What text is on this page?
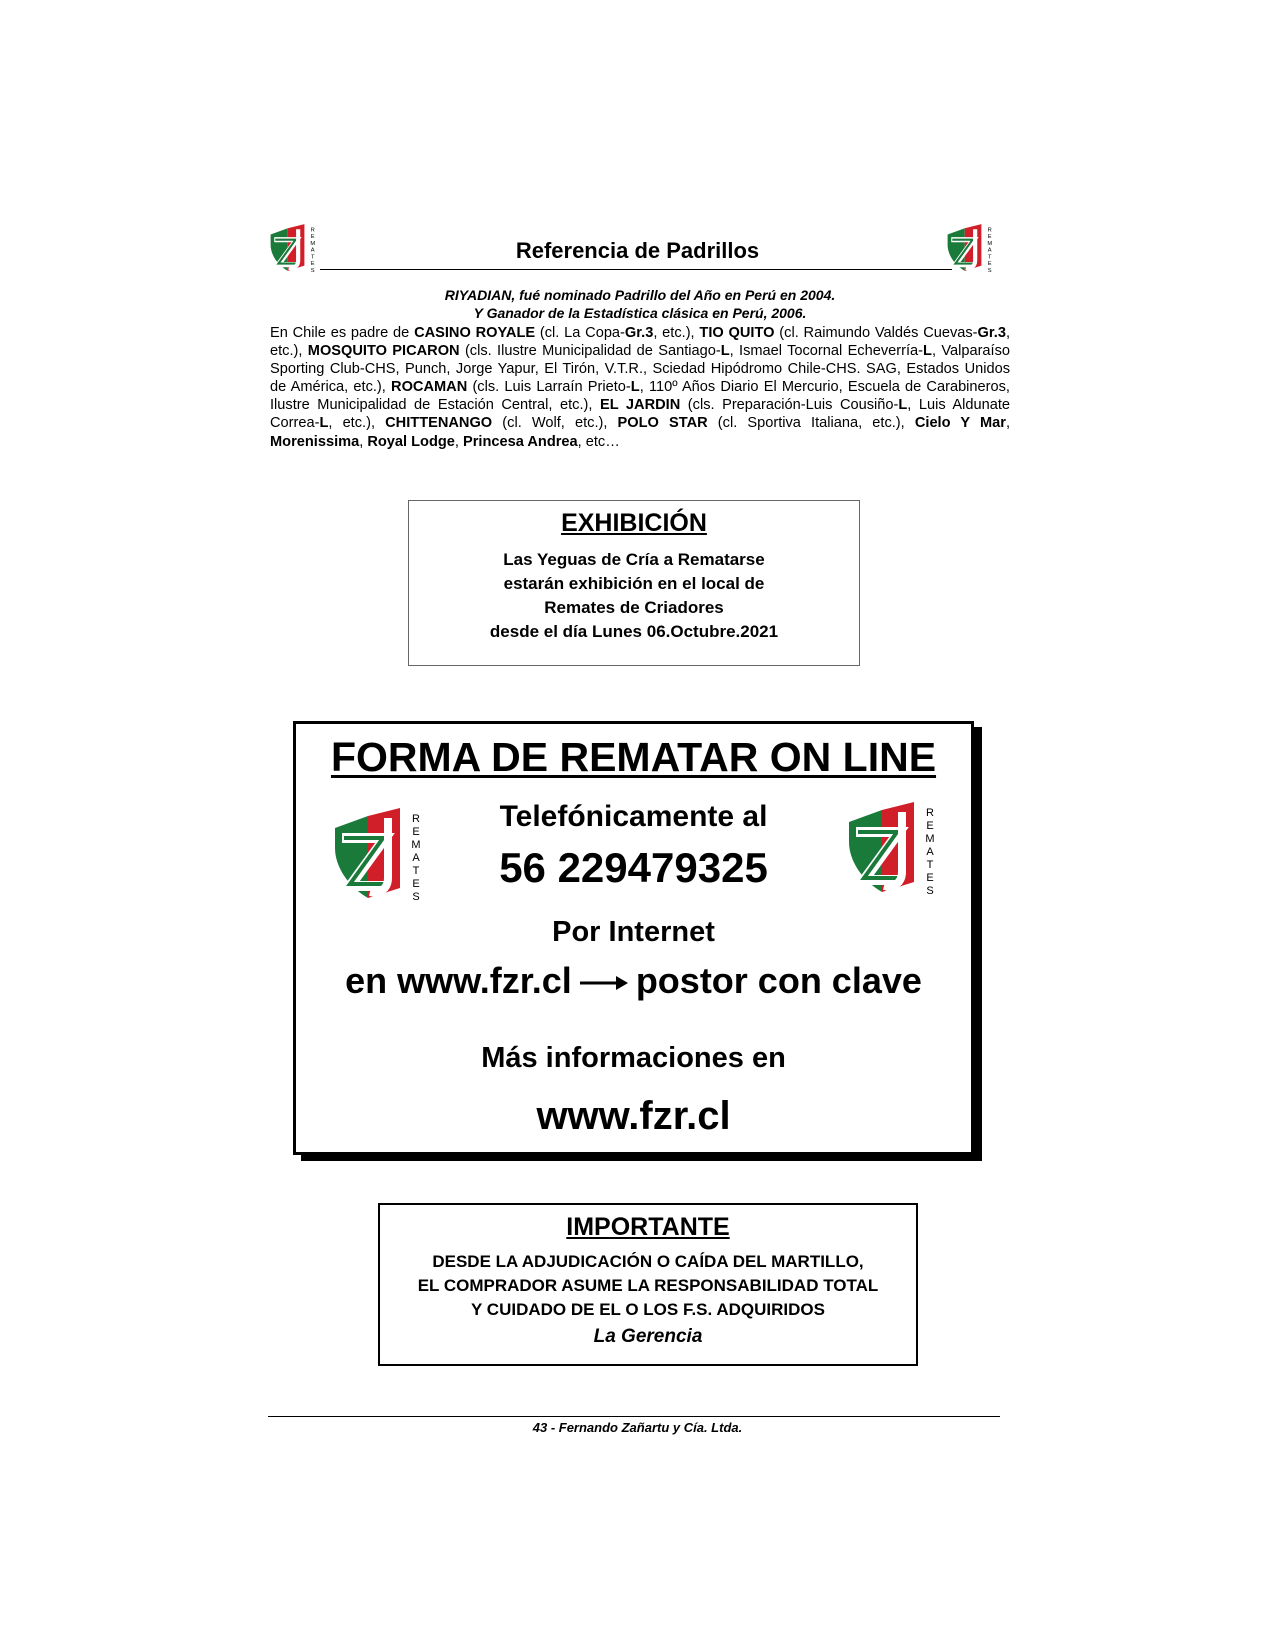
R
E
M
A
T
E
S
R
E
M
A
T
E
S
Referencia de Padrillos
RIYADIAN, fué nominado Padrillo del Año en Perú en 2004.
Y Ganador de la Estadística clásica en Perú, 2006.
En Chile es padre de CASINO ROYALE (cl. La Copa-Gr.3, etc.), TIO QUITO (cl. Raimundo Valdés Cuevas-Gr.3, etc.), MOSQUITO PICARON (cls. Ilustre Municipalidad de Santiago-L, Ismael Tocornal Echeverría-L, Valparaíso Sporting Club-CHS, Punch, Jorge Yapur, El Tirón, V.T.R., Sciedad Hipódromo Chile-CHS. SAG, Estados Unidos de América, etc.), ROCAMAN (cls. Luis Larraín Prieto-L, 110º Años Diario El Mercurio, Escuela de Carabineros, Ilustre Municipalidad de Estación Central, etc.), EL JARDIN (cls. Preparación-Luis Cousiño-L, Luis Aldunate Correa-L, etc.), CHITTENANGO (cl. Wolf, etc.), POLO STAR (cl. Sportiva Italiana, etc.), Cielo Y Mar, Morenissima, Royal Lodge, Princesa Andrea, etc…
EXHIBICIÓN
Las Yeguas de Cría a Rematarse
estarán exhibición en el local de
Remates de Criadores
desde el día Lunes 06.Octubre.2021
FORMA DE REMATAR ON LINE
R
E
M
A
T
E
S
R
E
M
A
T
E
S
Telefónicamente al
56 229479325
Por Internet
en www.fzr.cl postor con clave
Más informaciones en
www.fzr.cl
IMPORTANTE
DESDE LA ADJUDICACIÓN O CAÍDA DEL MARTILLO,
EL COMPRADOR ASUME LA RESPONSABILIDAD TOTAL
Y CUIDADO DE EL O LOS F.S. ADQUIRIDOS
La Gerencia
43 - Fernando Zañartu y Cía. Ltda.
